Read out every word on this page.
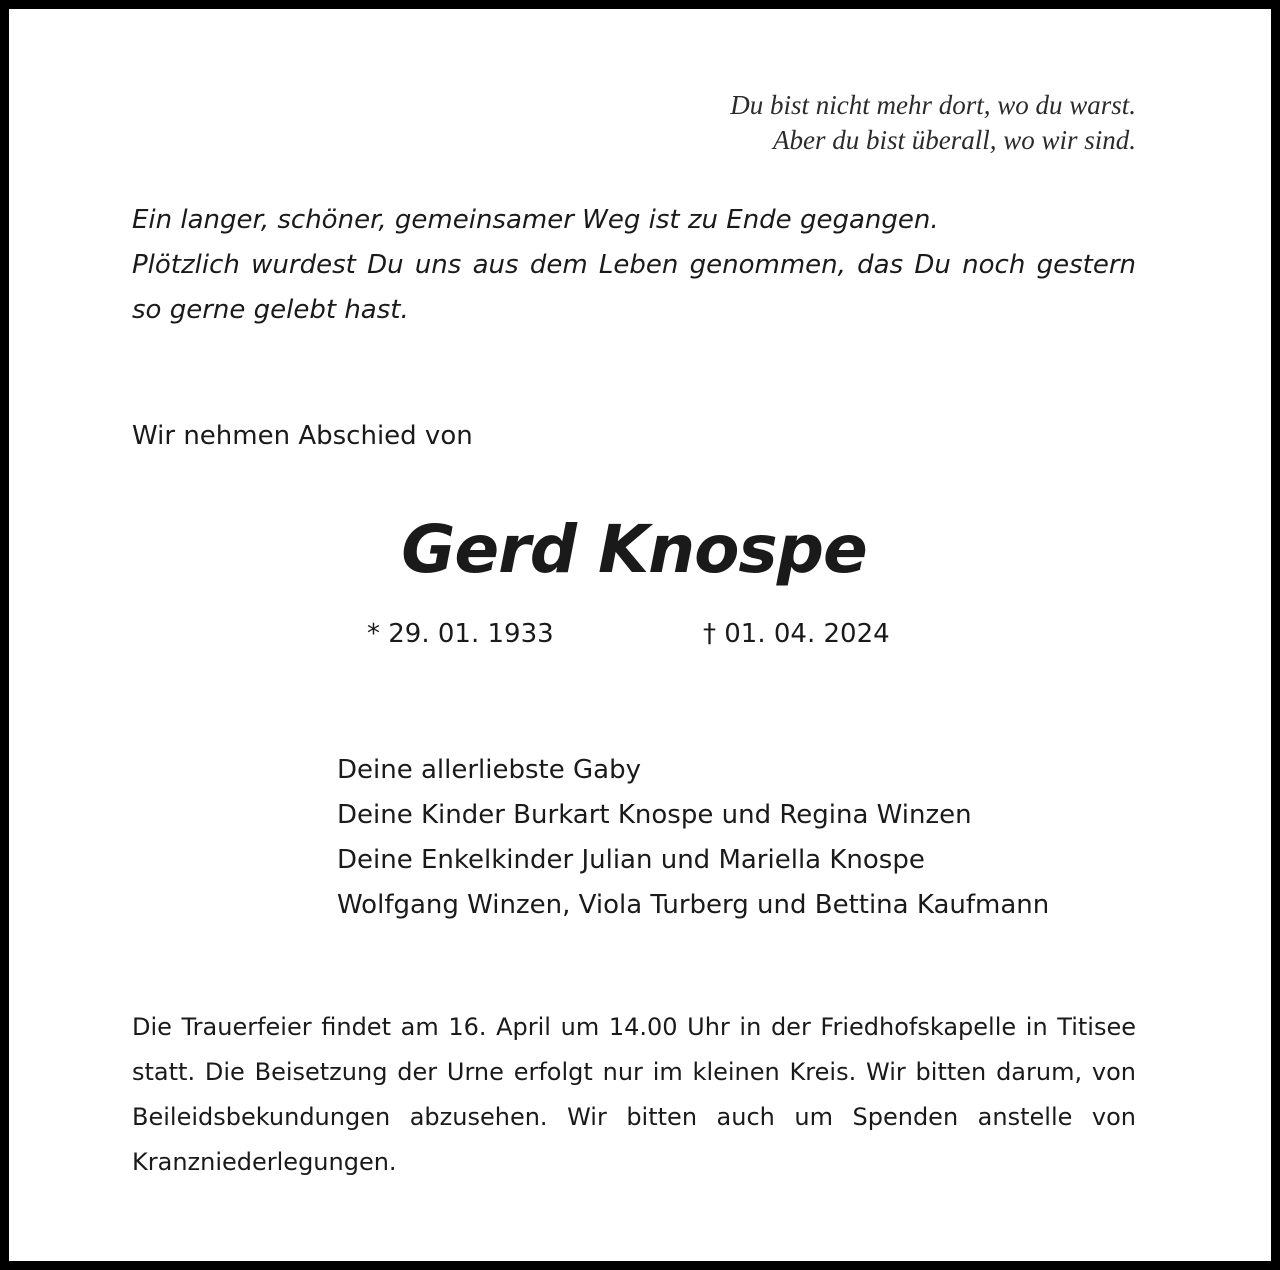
Du bist nicht mehr dort, wo du warst.
Aber du bist überall, wo wir sind.
Ein langer, schöner, gemeinsamer Weg ist zu Ende gegangen.
Plötzlich wurdest Du uns aus dem Leben genommen, das Du noch gestern so gerne gelebt hast.
Wir nehmen Abschied von
Gerd Knospe
* 29. 01. 1933	† 01. 04. 2024
Deine allerliebste Gaby
Deine Kinder Burkart Knospe und Regina Winzen
Deine Enkelkinder Julian und Mariella Knospe
Wolfgang Winzen, Viola Turberg und Bettina Kaufmann
Die Trauerfeier findet am 16. April um 14.00 Uhr in der Friedhofskapelle in Titisee statt. Die Beisetzung der Urne erfolgt nur im kleinen Kreis. Wir bitten darum, von Beileidsbekundungen abzusehen. Wir bitten auch um Spenden anstelle von Kranzniederlegungen.
